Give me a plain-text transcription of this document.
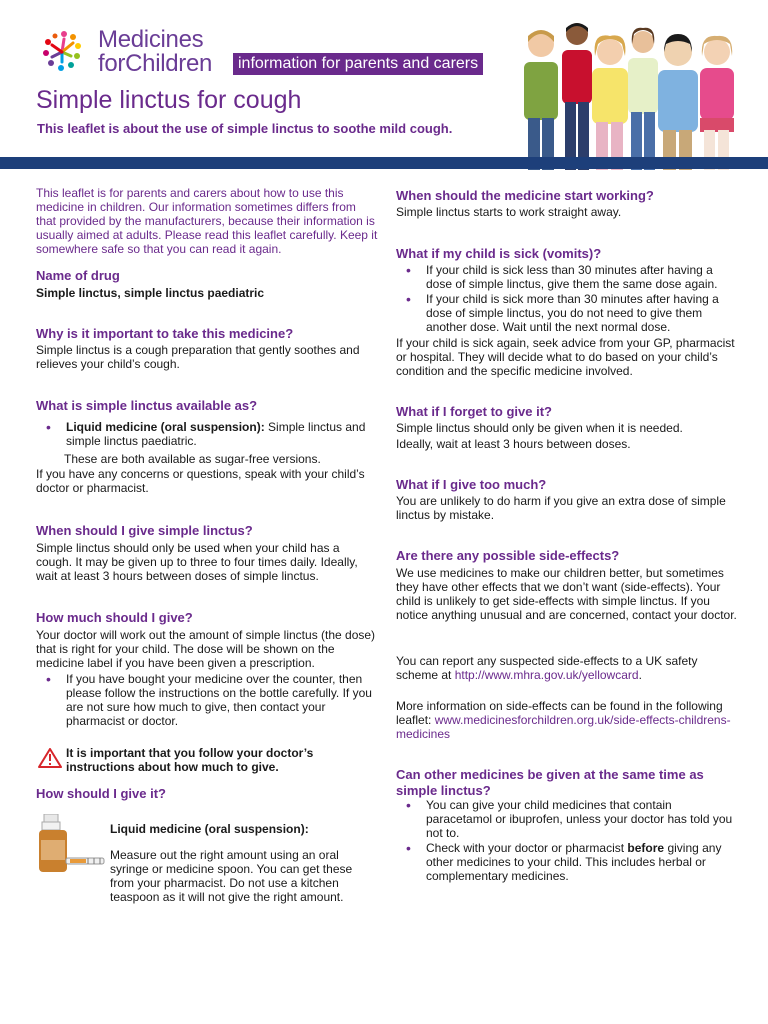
Medicines
forChildren	information for parents and carers
Simple linctus for cough
This leaflet is about the use of simple linctus to soothe mild cough.
This leaflet is for parents and carers about how to use this medicine in children. Our information sometimes differs from that provided by the manufacturers, because their information is usually aimed at adults. Please read this leaflet carefully. Keep it somewhere safe so that you can read it again.
Name of drug

Simple linctus, simple linctus paediatric

Why is it important to take this medicine?

Simple linctus is a cough preparation that gently soothes and relieves your child’s cough.

What is simple linctus available as?
• Liquid medicine (oral suspension): Simple linctus and simple linctus paediatric.

These are both available as sugar-free versions.

If you have any concerns or questions, speak with your child’s doctor or pharmacist.

When should I give simple linctus?

Simple linctus should only be used when your child has a cough. It may be given up to three to four times daily. Ideally, wait at least 3 hours between doses of simple linctus.

How much should I give?

Your doctor will work out the amount of simple linctus (the dose) that is right for your child. The dose will be shown on the medicine label if you have been given a prescription.

• If you have bought your medicine over the counter, then please follow the instructions on the bottle carefully. If you are not sure how much to give, then contact your pharmacist or doctor.
It is important that you follow your doctor’s instructions about how much to give.
How should I give it?

Liquid medicine (oral suspension):

Measure out the right amount using an oral syringe or medicine spoon. You can get these from your pharmacist. Do not use a kitchen teaspoon as it will not give the right amount.

When should the medicine start working?

Simple linctus starts to work straight away.

What if my child is sick (vomits)?
• If your child is sick less than 30 minutes after having a dose of simple linctus, give them the same dose again.
• If your child is sick more than 30 minutes after having a dose of simple linctus, you do not need to give them another dose. Wait until the next normal dose.

If your child is sick again, seek advice from your GP, pharmacist or hospital. They will decide what to do based on your child’s condition and the specific medicine involved.

What if I forget to give it?

Simple linctus should only be given when it is needed.

Ideally, wait at least 3 hours between doses.

What if I give too much?

You are unlikely to do harm if you give an extra dose of simple linctus by mistake.

Are there any possible side-effects?

We use medicines to make our children better, but sometimes they have other effects that we don’t want (side-effects). Your child is unlikely to get side-effects with simple linctus. If you notice anything unusual and are concerned, contact your doctor.

You can report any suspected side-effects to a UK safety scheme at http://www.mhra.gov.uk/yellowcard.

More information on side-effects can be found in the following leaflet: www.medicinesforchildren.org.uk/side-effects-childrens-medicines

Can other medicines be given at the same time as simple linctus?
• You can give your child medicines that contain paracetamol or ibuprofen, unless your doctor has told you not to.
• Check with your doctor or pharmacist before giving any other medicines to your child. This includes herbal or complementary medicines.
